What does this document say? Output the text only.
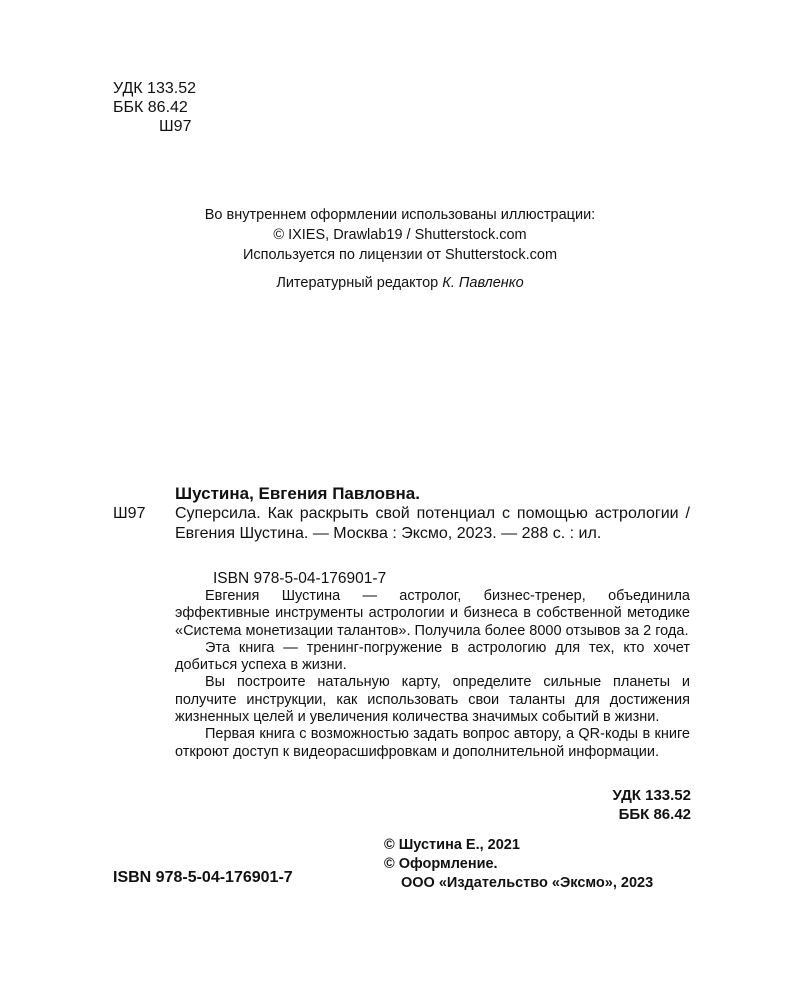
УДК 133.52
ББК 86.42
Ш97
Во внутреннем оформлении использованы иллюстрации:
© IXIES, Drawlab19 / Shutterstock.com
Используется по лицензии от Shutterstock.com
Литературный редактор К. Павленко
Шустина, Евгения Павловна.
Ш97 Суперсила. Как раскрыть свой потенциал с помощью астрологии / Евгения Шустина. — Москва : Эксмо, 2023. — 288 с. : ил.
ISBN 978-5-04-176901-7

Евгения Шустина — астролог, бизнес-тренер, объединила эффективные инструменты астрологии и бизнеса в собственной методике «Система монетизации талантов». Получила более 8000 отзывов за 2 года.

Эта книга — тренинг-погружение в астрологию для тех, кто хочет добиться успеха в жизни.

Вы построите натальную карту, определите сильные планеты и получите инструкции, как использовать свои таланты для достижения жизненных целей и увеличения количества значимых событий в жизни.

Первая книга с возможностью задать вопрос автору, а QR-коды в книге откроют доступ к видеорасшифровкам и дополнительной информации.

УДК 133.52
ББК 86.42
© Шустина Е., 2021
© Оформление.
ООО «Издательство «Эксмо», 2023
ISBN 978-5-04-176901-7
